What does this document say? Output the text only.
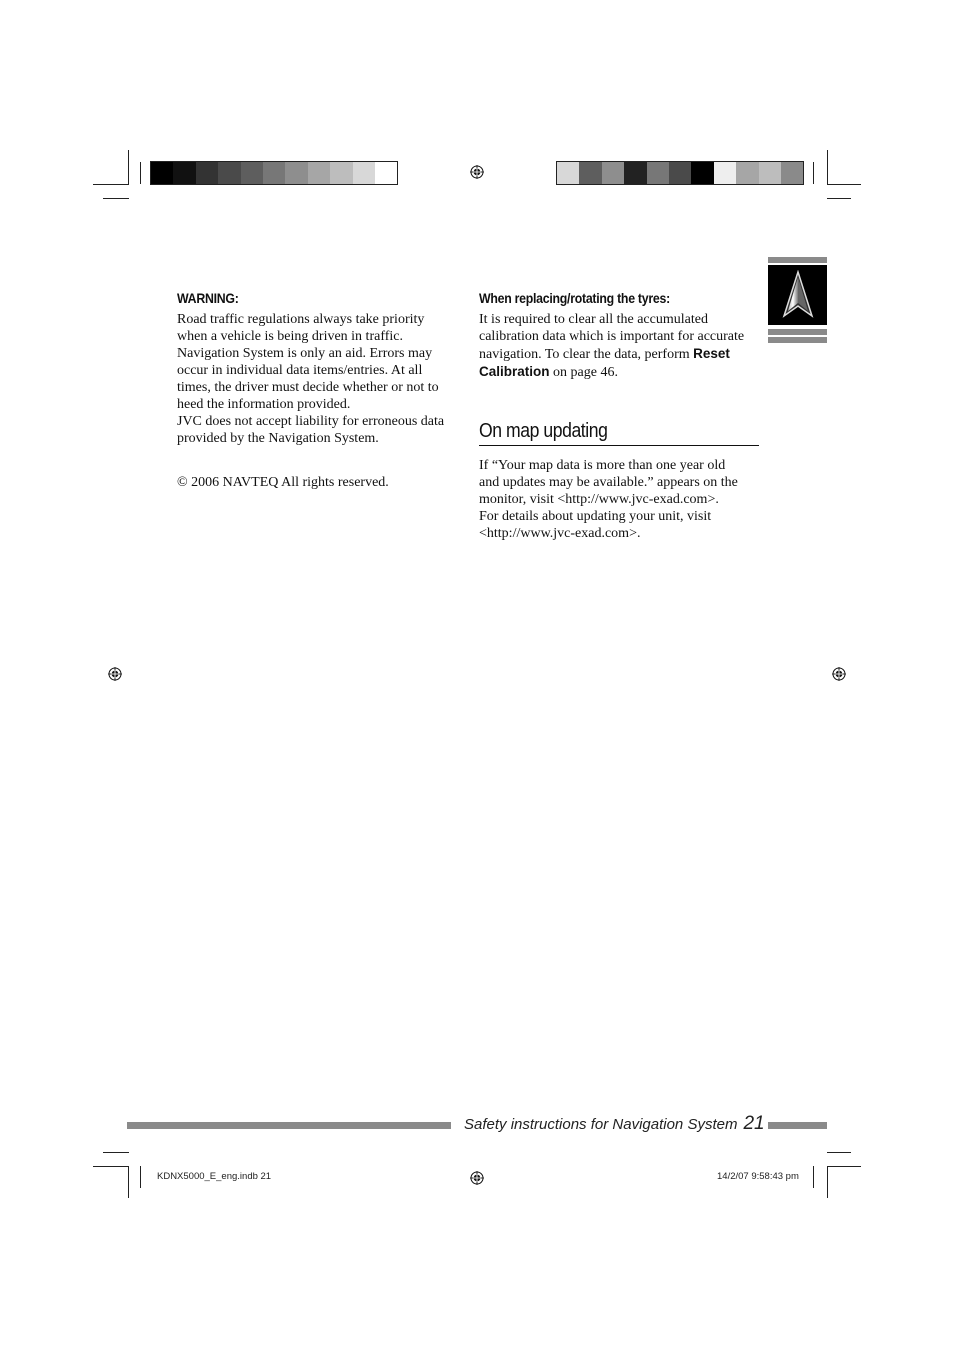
WARNING:

Road traffic regulations always take priority
when a vehicle is being driven in traffic.
Navigation System is only an aid. Errors may
occur in individual data items/entries. At all
times, the driver must decide whether or not to
heed the information provided.
JVC does not accept liability for erroneous data
provided by the Navigation System.

© 2006 NAVTEQ All rights reserved.

When replacing/rotating the tyres:

It is required to clear all the accumulated
calibration data which is important for accurate
navigation. To clear the data, perform Reset
Calibration on page 46.

On map updating

If “Your map data is more than one year old
and updates may be available.” appears on the
monitor, visit <http://www.jvc-exad.com>.
For details about updating your unit, visit
<http://www.jvc-exad.com>.

Safety instructions for Navigation System 21
KDNX5000_E_eng.indb 21	14/2/07 9:58:43 pm
